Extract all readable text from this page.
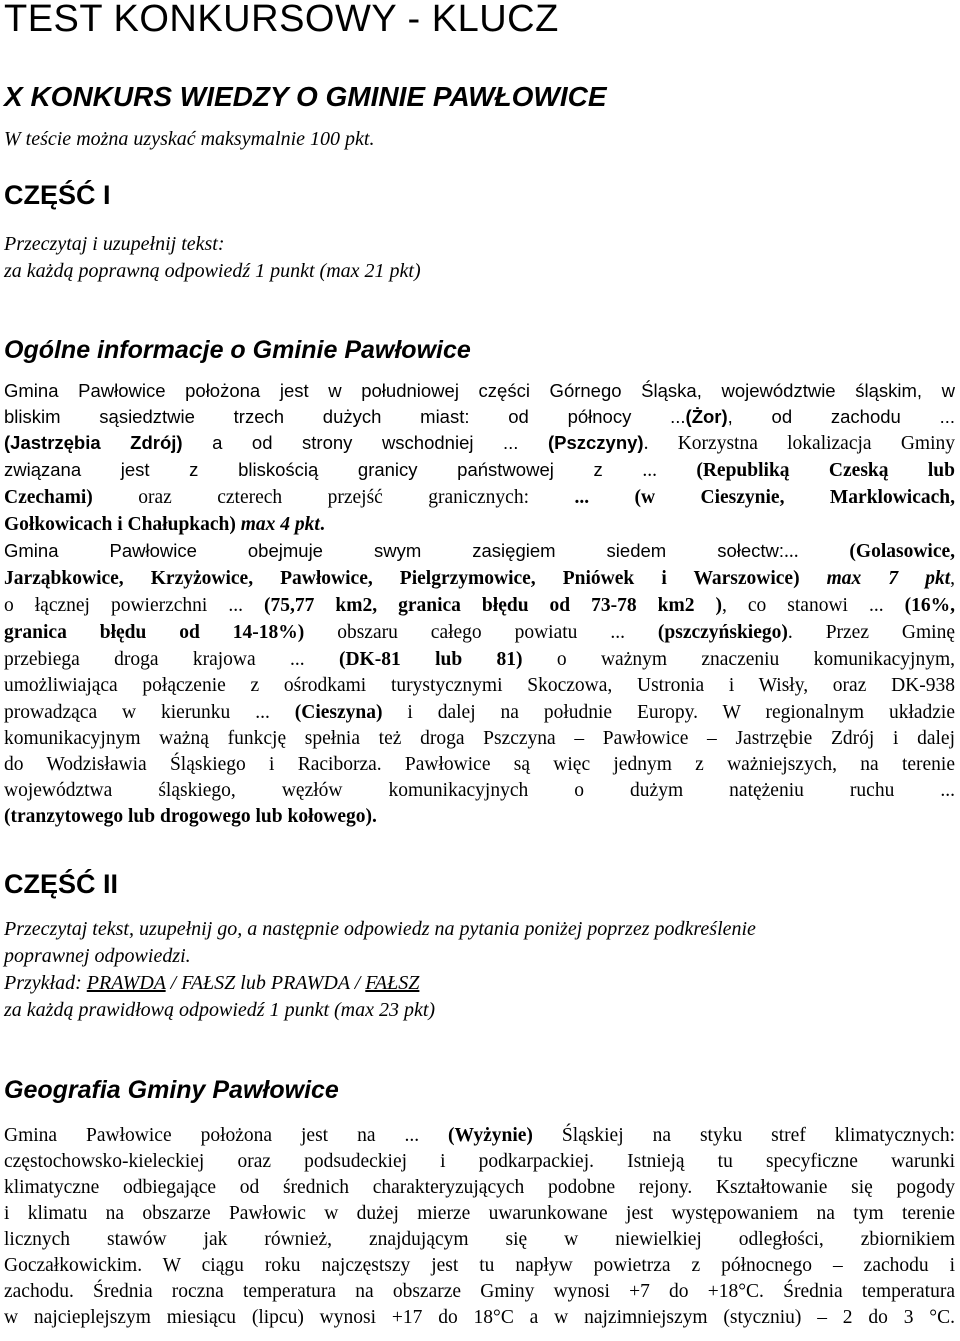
TEST KONKURSOWY - KLUCZ
X KONKURS WIEDZY O GMINIE PAWŁOWICE

W teście można uzyskać maksymalnie 100 pkt.

CZĘŚĆ I

Przeczytaj i uzupełnij tekst:

za każdą poprawną odpowiedź 1 punkt (max 21 pkt)

Ogólne informacje o Gminie Pawłowice
Gmina Pawłowice położona jest w południowej części Górnego Śląska, województwie śląskim, w
bliskim sąsiedztwie trzech dużych miast: od północy ...(Żor), od zachodu ...
(Jastrzębia Zdrój) a od strony wschodniej ... (Pszczyny). Korzystna lokalizacja Gminy
związana jest z bliskością granicy państwowej z ... (Republiką Czeską lub
Czechami) oraz czterech przejść granicznych: ... (w Cieszynie, Marklowicach,
Gołkowicach i Chałupkach) max 4 pkt.
Gmina Pawłowice obejmuje swym zasięgiem siedem sołectw:... (Golasowice,
Jarząbkowice, Krzyżowice, Pawłowice, Pielgrzymowice, Pniówek i Warszowice) max 7 pkt,
o łącznej powierzchni ... (75,77 km2, granica błędu od 73-78 km2 ), co stanowi ... (16%,
granica błędu od 14-18%) obszaru całego powiatu ... (pszczyńskiego). Przez Gminę
przebiega droga krajowa ... (DK-81 lub 81) o ważnym znaczeniu komunikacyjnym,
umożliwiająca połączenie z ośrodkami turystycznymi Skoczowa, Ustronia i Wisły, oraz DK-938
prowadząca w kierunku ... (Cieszyna) i dalej na południe Europy. W regionalnym układzie
komunikacyjnym ważną funkcję spełnia też droga Pszczyna – Pawłowice – Jastrzębie Zdrój i dalej
do Wodzisławia Śląskiego i Raciborza. Pawłowice są więc jednym z ważniejszych, na terenie
województwa śląskiego, węzłów komunikacyjnych o dużym natężeniu ruchu ...
(tranzytowego lub drogowego lub kołowego).
CZĘŚĆ II

Przeczytaj tekst, uzupełnij go, a następnie odpowiedz na pytania poniżej poprzez podkreślenie

poprawnej odpowiedzi.

Przykład: PRAWDA / FAŁSZ lub PRAWDA / FAŁSZ

za każdą prawidłową odpowiedź 1 punkt (max 23 pkt)

Geografia Gminy Pawłowice
Gmina Pawłowice położona jest na ... (Wyżynie) Śląskiej na styku stref klimatycznych:
częstochowsko-kieleckiej oraz podsudeckiej i podkarpackiej. Istnieją tu specyficzne warunki
klimatyczne odbiegające od średnich charakteryzujących podobne rejony. Kształtowanie się pogody
i klimatu na obszarze Pawłowic w dużej mierze uwarunkowane jest występowaniem na tym terenie
licznych stawów jak również, znajdującym się w niewielkiej odległości, zbiornikiem
Goczałkowickim. W ciągu roku najczęstszy jest tu napływ powietrza z północnego – zachodu i
zachodu. Średnia roczna temperatura na obszarze Gminy wynosi +7 do +18°C. Średnia temperatura
w najcieplejszym miesiącu (lipcu) wynosi +17 do 18°C a w najzimniejszym (styczniu) – 2 do 3 °C.
